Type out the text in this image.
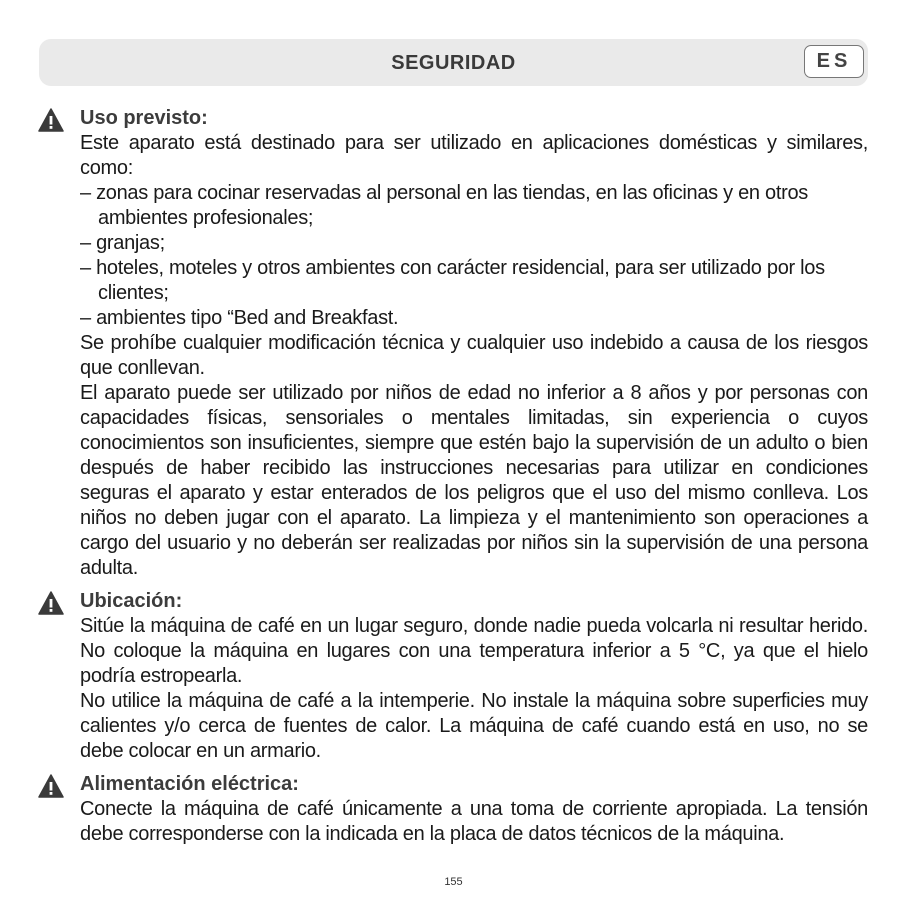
SEGURIDAD	ES
Uso previsto:

Este aparato está destinado para ser utilizado en aplicaciones domésticas y similares, como:

– zonas para cocinar reservadas al personal en las tiendas, en las oficinas y en otros ambientes profesionales;
– granjas;
– hoteles, moteles y otros ambientes con carácter residencial, para ser utilizado por los clientes;
– ambientes tipo “Bed and Breakfast.

Se prohíbe cualquier modificación técnica y cualquier uso indebido a causa de los riesgos que conllevan.

El aparato puede ser utilizado por niños de edad no inferior a 8 años y por personas con capacidades físicas, sensoriales o mentales limitadas, sin experiencia o cuyos conocimientos son insuficientes, siempre que estén bajo la supervisión de un adulto o bien después de haber recibido las instrucciones necesarias para utilizar en condiciones seguras el aparato y estar enterados de los peligros que el uso del mismo conlleva. Los niños no deben jugar con el aparato. La limpieza y el mantenimiento son operaciones a cargo del usuario y no deberán ser realizadas por niños sin la supervisión de una persona adulta.

Ubicación:

Sitúe la máquina de café en un lugar seguro, donde nadie pueda volcarla ni resultar herido. No coloque la máquina en lugares con una temperatura inferior a 5 °C, ya que el hielo podría estropearla.

No utilice la máquina de café a la intemperie. No instale la máquina sobre superficies muy calientes y/o cerca de fuentes de calor. La máquina de café cuando está en uso, no se debe colocar en un armario.

Alimentación eléctrica:

Conecte la máquina de café únicamente a una toma de corriente apropiada. La tensión debe corresponderse con la indicada en la placa de datos técnicos de la máquina.

155
